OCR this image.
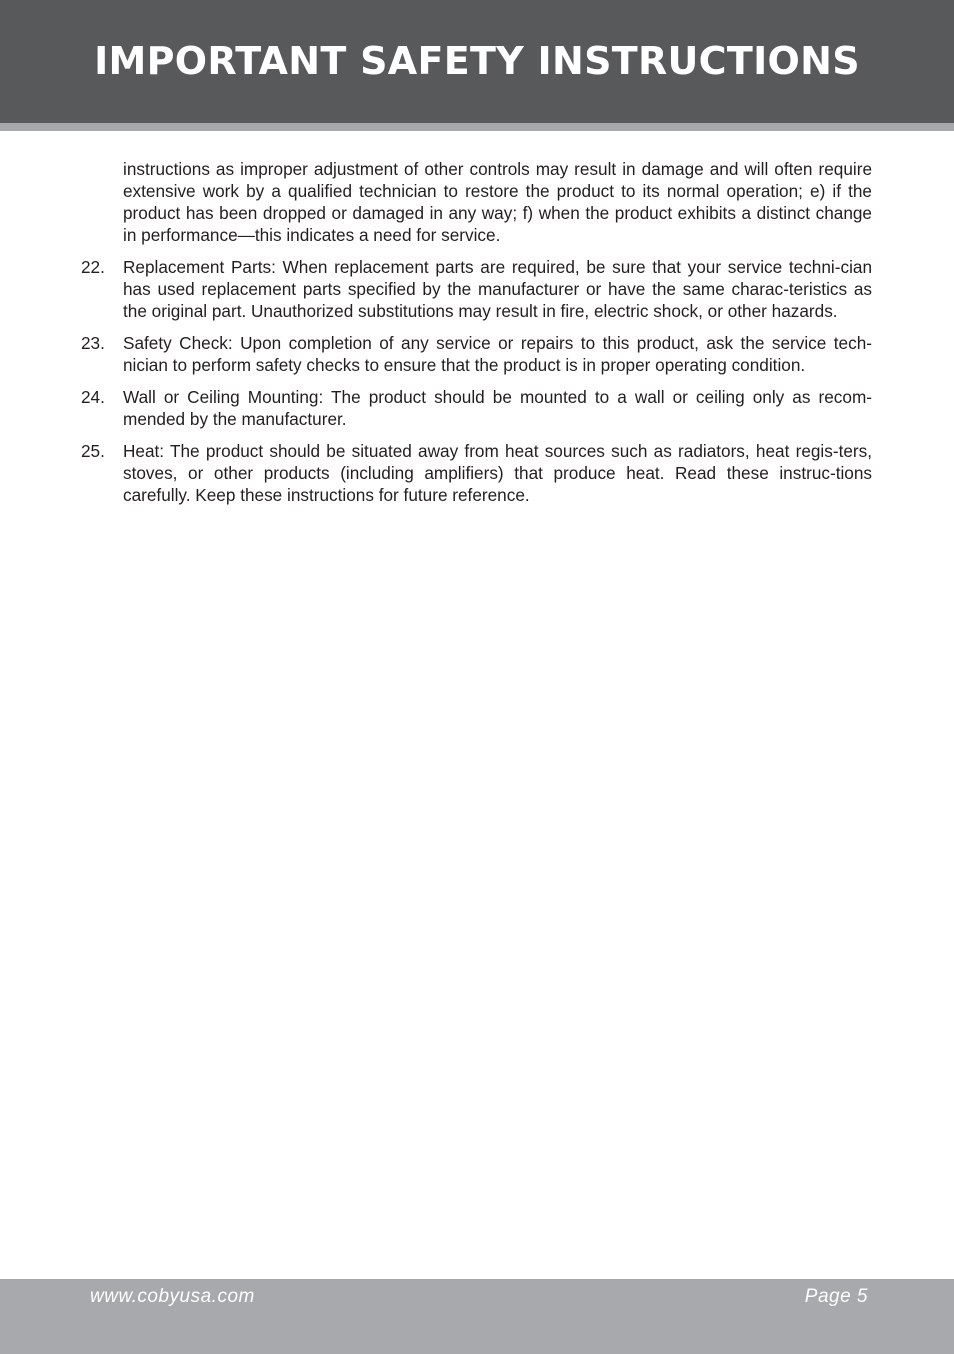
IMPORTANT SAFETY INSTRUCTIONS

instructions as improper adjustment of other controls may result in damage and will often require extensive work by a qualified technician to restore the product to its normal operation; e) if the product has been dropped or damaged in any way; f) when the product exhibits a distinct change in performance—this indicates a need for service.

22. Replacement Parts: When replacement parts are required, be sure that your service techni-cian has used replacement parts specified by the manufacturer or have the same charac-teristics as the original part. Unauthorized substitutions may result in fire, electric shock, or other hazards.

23. Safety Check: Upon completion of any service or repairs to this product, ask the service tech-nician to perform safety checks to ensure that the product is in proper operating condition.

24. Wall or Ceiling Mounting: The product should be mounted to a wall or ceiling only as recom-mended by the manufacturer.

25. Heat: The product should be situated away from heat sources such as radiators, heat regis-ters, stoves, or other products (including amplifiers) that produce heat. Read these instruc-tions carefully. Keep these instructions for future reference.

www.cobyusa.com	Page 5
